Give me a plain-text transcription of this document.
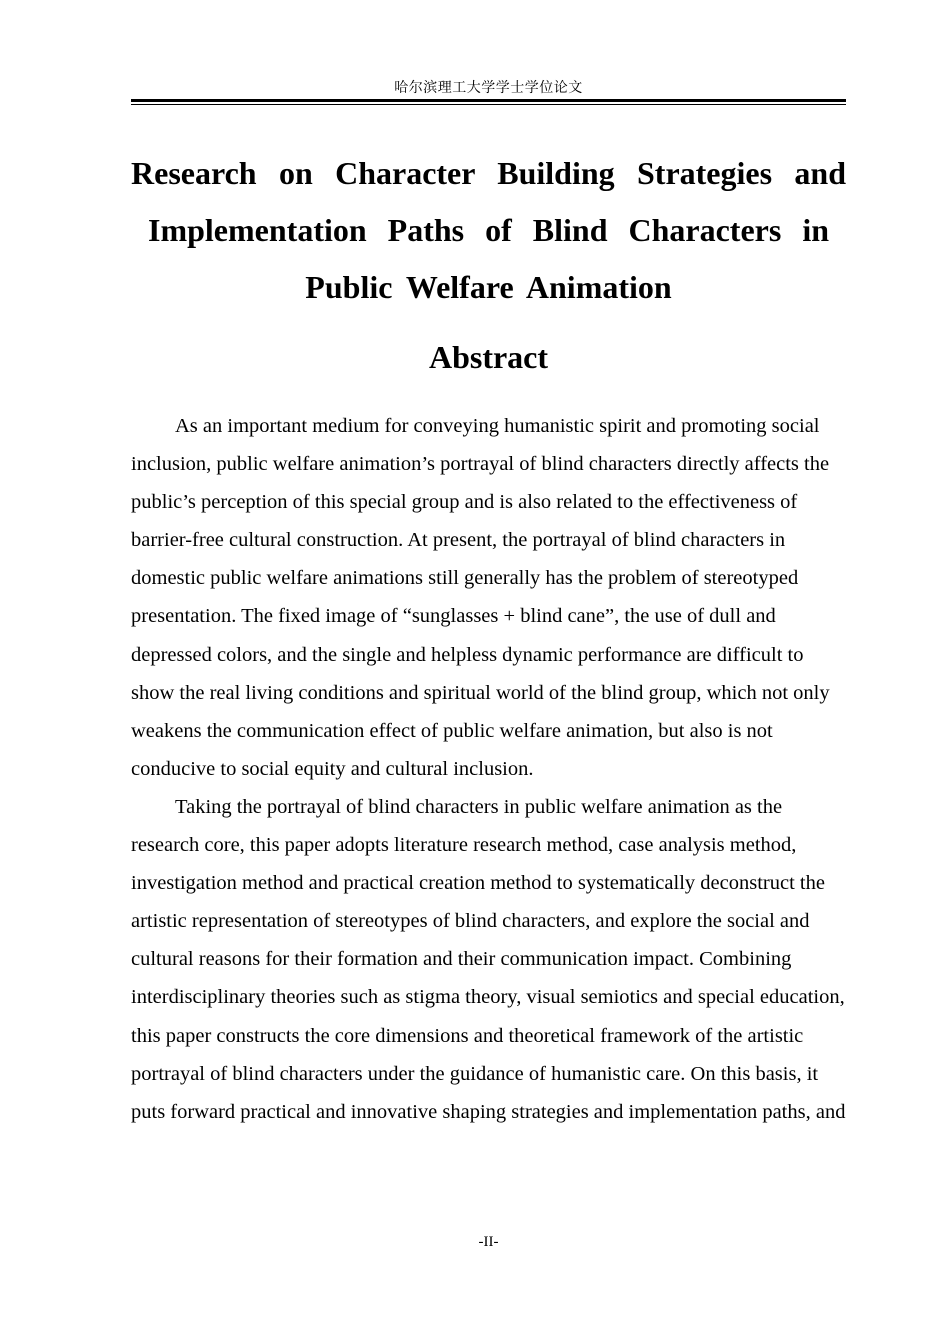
哈尔滨理工大学学士学位论文
Research on Character Building Strategies and
Implementation Paths of Blind Characters in
Public Welfare Animation
Abstract

As an important medium for conveying humanistic spirit and promoting social inclusion, public welfare animation’s portrayal of blind characters directly affects the public’s perception of this special group and is also related to the effectiveness of barrier-free cultural construction. At present, the portrayal of blind characters in domestic public welfare animations still generally has the problem of stereotyped presentation. The fixed image of “sunglasses + blind cane”, the use of dull and depressed colors, and the single and helpless dynamic performance are difficult to show the real living conditions and spiritual world of the blind group, which not only weakens the communication effect of public welfare animation, but also is not conducive to social equity and cultural inclusion.

Taking the portrayal of blind characters in public welfare animation as the research core, this paper adopts literature research method, case analysis method, investigation method and practical creation method to systematically deconstruct the artistic representation of stereotypes of blind characters, and explore the social and cultural reasons for their formation and their communication impact. Combining interdisciplinary theories such as stigma theory, visual semiotics and special education, this paper constructs the core dimensions and theoretical framework of the artistic portrayal of blind characters under the guidance of humanistic care. On this basis, it puts forward practical and innovative shaping strategies and implementation paths, and

-II-
